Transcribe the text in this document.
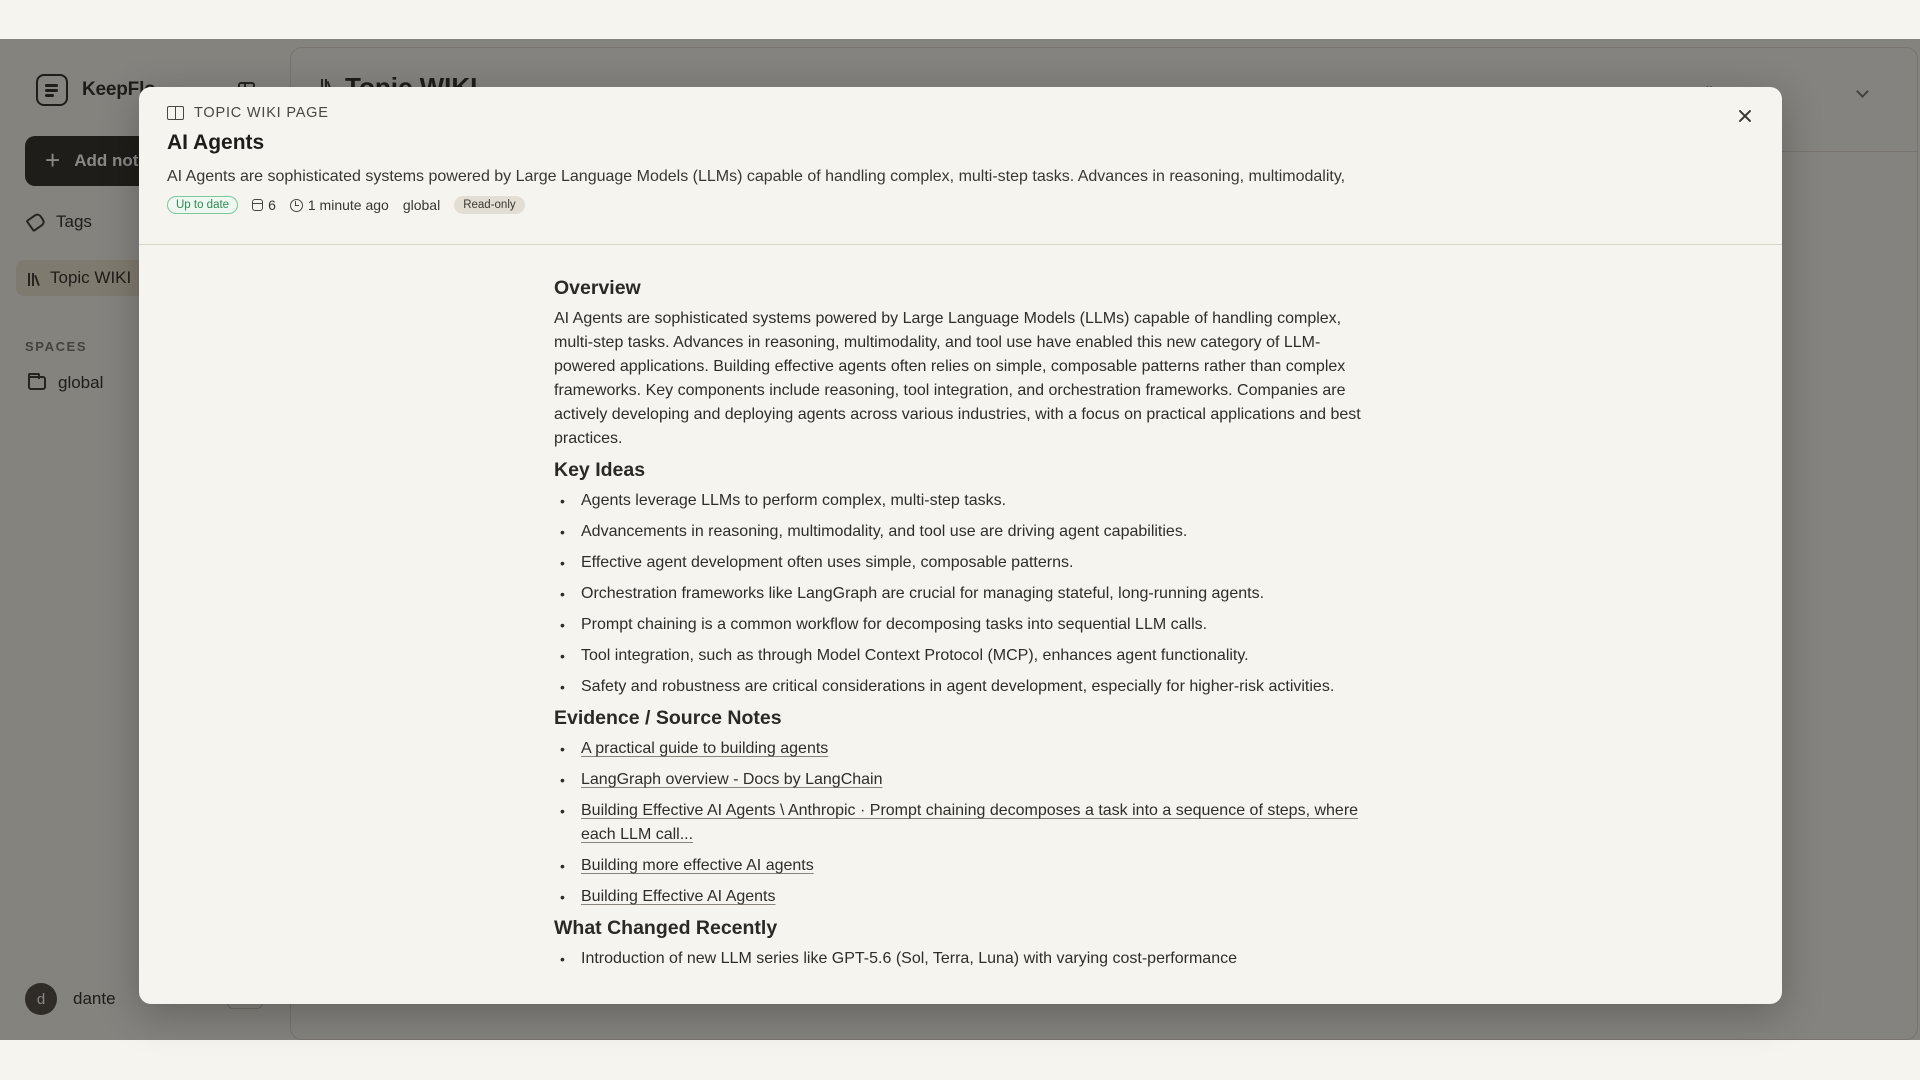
TOPIC WIKI PAGE
AI Agents
AI Agents are sophisticated systems powered by Large Language Models (LLMs) capable of handling complex, multi-step tasks. Advances in reasoning, multimodality,
Up to date	6 1 minute ago global	Read-only
Overview

AI Agents are sophisticated systems powered by Large Language Models (LLMs) capable of handling complex, multi-step tasks. Advances in reasoning, multimodality, and tool use have enabled this new category of LLM-powered applications. Building effective agents often relies on simple, composable patterns rather than complex frameworks. Key components include reasoning, tool integration, and orchestration frameworks. Companies are actively developing and deploying agents across various industries, with a focus on practical applications and best practices.

Key Ideas
• Agents leverage LLMs to perform complex, multi-step tasks.
• Advancements in reasoning, multimodality, and tool use are driving agent capabilities.
• Effective agent development often uses simple, composable patterns.
• Orchestration frameworks like LangGraph are crucial for managing stateful, long-running agents.
• Prompt chaining is a common workflow for decomposing tasks into sequential LLM calls.
• Tool integration, such as through Model Context Protocol (MCP), enhances agent functionality.
• Safety and robustness are critical considerations in agent development, especially for higher-risk activities.
Evidence / Source Notes
• A practical guide to building agents
• LangGraph overview - Docs by LangChain
• Building Effective AI Agents \ Anthropic · Prompt chaining decomposes a task into a sequence of steps, where each LLM call...
• Building more effective AI agents
• Building Effective AI Agents
What Changed Recently
• Introduction of new LLM series like GPT-5.6 (Sol, Terra, Luna) with varying cost-performance
